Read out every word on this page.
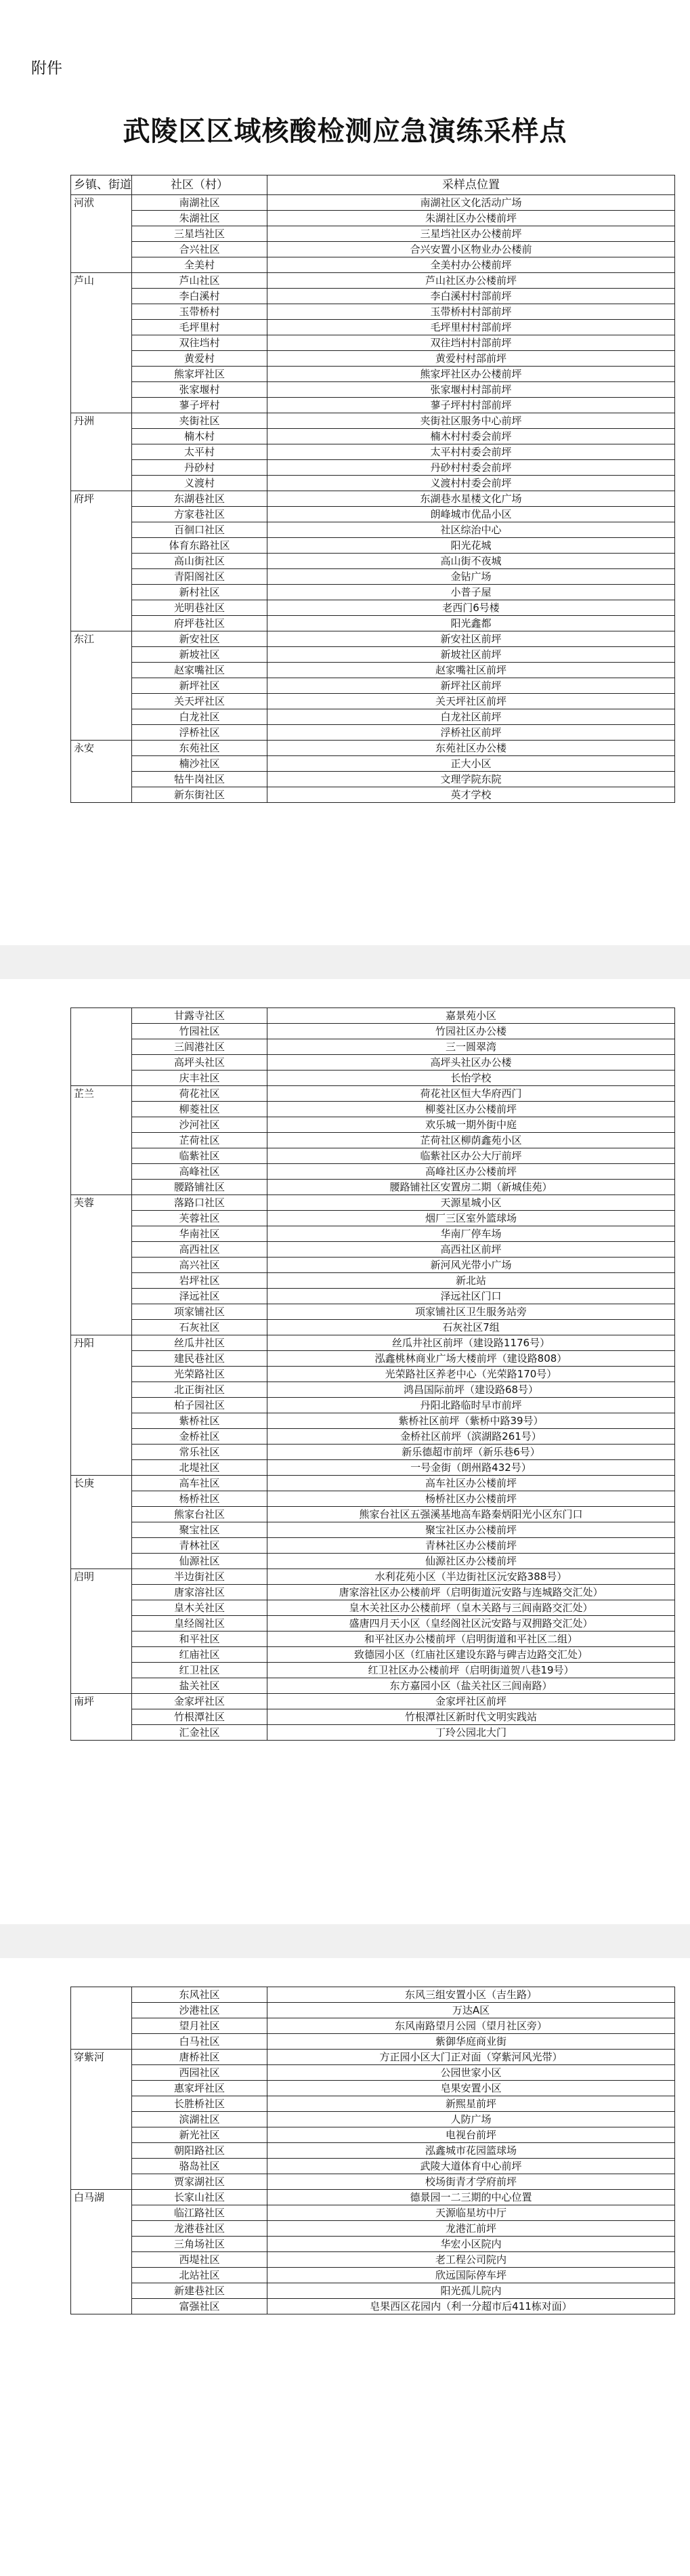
附件
武陵区区域核酸检测应急演练采样点
乡镇、街道	社区（村）	采样点位置
河洑	南湖社区	南湖社区文化活动广场
	朱湖社区	朱湖社区办公楼前坪
	三星垱社区	三星垱社区办公楼前坪
	合兴社区	合兴安置小区物业办公楼前
	全美村	全美村办公楼前坪
芦山	芦山社区	芦山社区办公楼前坪
	李白溪村	李白溪村村部前坪
	玉带桥村	玉带桥村村部前坪
	毛坪里村	毛坪里村村部前坪
	双往垱村	双往垱村村部前坪
	黄爱村	黄爱村村部前坪
	熊家坪社区	熊家坪社区办公楼前坪
	张家堰村	张家堰村村部前坪
	蓼子坪村	蓼子坪村村部前坪
丹洲	夹街社区	夹街社区服务中心前坪
	楠木村	楠木村村委会前坪
	太平村	太平村村委会前坪
	丹砂村	丹砂村村委会前坪
	义渡村	义渡村村委会前坪
府坪	东湖巷社区	东湖巷水星楼文化广场
	方家巷社区	朗峰城市优品小区
	百徊口社区	社区综治中心
	体育东路社区	阳光花城
	高山街社区	高山街不夜城
	青阳阁社区	金钻广场
	新村社区	小普子屋
	光明巷社区	老西门6号楼
	府坪巷社区	阳光鑫都
东江	新安社区	新安社区前坪
	新坡社区	新坡社区前坪
	赵家嘴社区	赵家嘴社区前坪
	新坪社区	新坪社区前坪
	关天坪社区	关天坪社区前坪
	白龙社区	白龙社区前坪
	浮桥社区	浮桥社区前坪
永安	东苑社区	东苑社区办公楼
	楠沙社区	正大小区
	牯牛岗社区	文理学院东院
	新东街社区	英才学校
	甘露寺社区	嘉景苑小区
	竹园社区	竹园社区办公楼
	三闾港社区	三一圆翠湾
	高坪头社区	高坪头社区办公楼
	庆丰社区	长怡学校
芷兰	荷花社区	荷花社区恒大华府西门
	柳菱社区	柳菱社区办公楼前坪
	沙河社区	欢乐城一期外街中庭
	芷荷社区	芷荷社区柳荫鑫苑小区
	临紫社区	临紫社区办公大厅前坪
	高峰社区	高峰社区办公楼前坪
	腰路铺社区	腰路铺社区安置房二期（新城佳苑）
芙蓉	落路口社区	天源星城小区
	芙蓉社区	烟厂三区室外篮球场
	华南社区	华南厂停车场
	高西社区	高西社区前坪
	高兴社区	新河风光带小广场
	岩坪社区	新北站
	泽远社区	泽远社区门口
	项家铺社区	项家铺社区卫生服务站旁
	石灰社区	石灰社区7组
丹阳	丝瓜井社区	丝瓜井社区前坪（建设路1176号）
	建民巷社区	泓鑫桃林商业广场大楼前坪（建设路808）
	光荣路社区	光荣路社区养老中心（光荣路170号）
	北正街社区	鸿昌国际前坪（建设路68号）
	柏子园社区	丹阳北路临时早市前坪
	紫桥社区	紫桥社区前坪（紫桥中路39号）
	金桥社区	金桥社区前坪（滨湖路261号）
	常乐社区	新乐德超市前坪（新乐巷6号）
	北堤社区	一号金街（朗州路432号）
长庚	高车社区	高车社区办公楼前坪
	杨桥社区	杨桥社区办公楼前坪
	熊家台社区	熊家台社区五强溪基地高车路秦炳阳光小区东门口
	聚宝社区	聚宝社区办公楼前坪
	青林社区	青林社区办公楼前坪
	仙源社区	仙源社区办公楼前坪
启明	半边街社区	水利花苑小区（半边街社区沅安路388号）
	唐家溶社区	唐家溶社区办公楼前坪（启明街道沅安路与连城路交汇处）
	皇木关社区	皇木关社区办公楼前坪（皇木关路与三闾南路交汇处）
	皇经阁社区	盛唐四月天小区（皇经阁社区沅安路与双拥路交汇处）
	和平社区	和平社区办公楼前坪（启明街道和平社区二组）
	红庙社区	致德园小区（红庙社区建设东路与碑吉边路交汇处）
	红卫社区	红卫社区办公楼前坪（启明街道贺八巷19号）
	盐关社区	东方嘉园小区（盐关社区三闾南路）
南坪	金家坪社区	金家坪社区前坪
	竹根潭社区	竹根潭社区新时代文明实践站
	汇金社区	丁玲公园北大门
	东风社区	东风三组安置小区（吉生路）
	沙港社区	万达A区
	望月社区	东风南路望月公园（望月社区旁）
	白马社区	紫御华庭商业街
穿紫河	唐桥社区	方正园小区大门正对面（穿紫河风光带）
	西园社区	公园世家小区
	惠家坪社区	皂果安置小区
	长胜桥社区	新熙星前坪
	滨湖社区	人防广场
	新光社区	电视台前坪
	朝阳路社区	泓鑫城市花园篮球场
	骆岛社区	武陵大道体育中心前坪
	贾家湖社区	校场街青才学府前坪
白马湖	长家山社区	德景园一二三期的中心位置
	临江路社区	天源临星坊中厅
	龙港巷社区	龙港汇前坪
	三角场社区	华宏小区院内
	西堤社区	老工程公司院内
	北站社区	欣远国际停车坪
	新建巷社区	阳光孤儿院内
	富强社区	皂果西区花园内（利一分超市后411栋对面）
